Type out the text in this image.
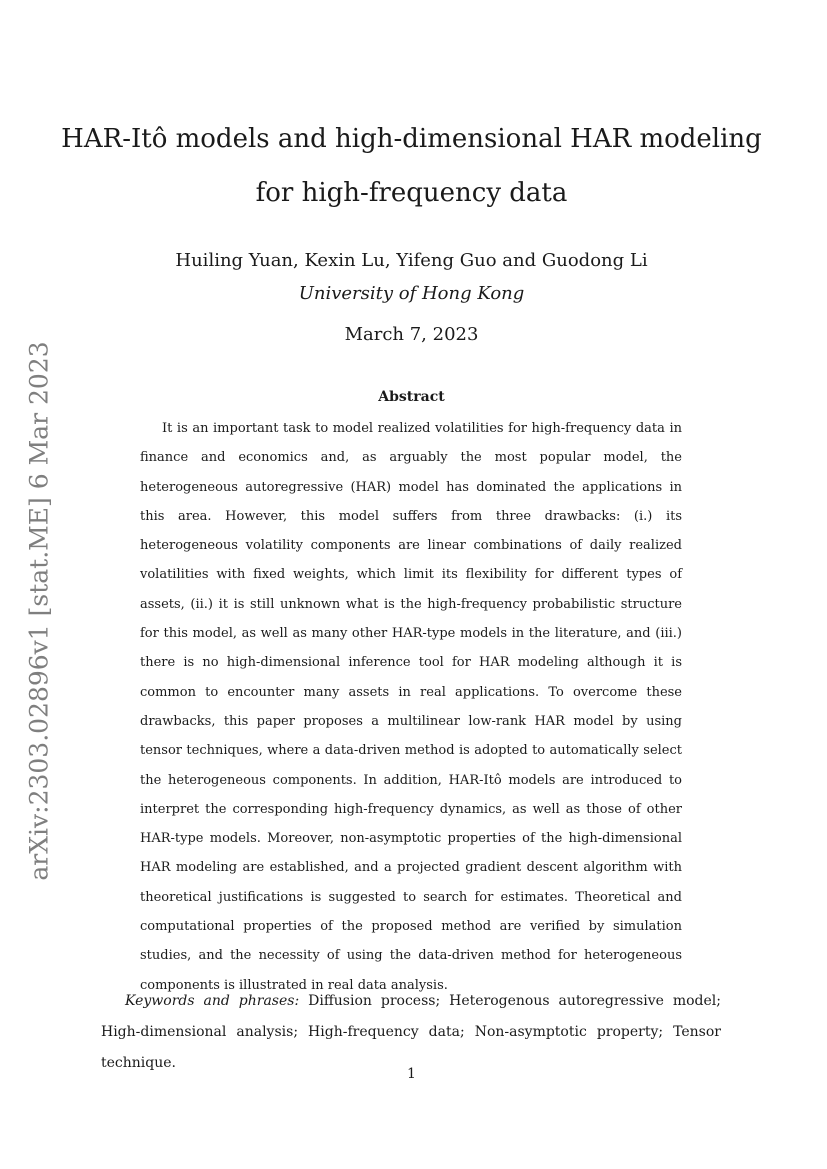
arXiv:2303.02896v1 [stat.ME] 6 Mar 2023
HAR-Itô models and high-dimensional HAR modeling
for high-frequency data

Huiling Yuan, Kexin Lu, Yifeng Guo and Guodong Li

University of Hong Kong

March 7, 2023

Abstract

It is an important task to model realized volatilities for high-frequency data in finance and economics and, as arguably the most popular model, the heterogeneous autoregressive (HAR) model has dominated the applications in this area. However, this model suffers from three drawbacks: (i.) its heterogeneous volatility components are linear combinations of daily realized volatilities with fixed weights, which limit its flexibility for different types of assets, (ii.) it is still unknown what is the high-frequency probabilistic structure for this model, as well as many other HAR-type models in the literature, and (iii.) there is no high-dimensional inference tool for HAR modeling although it is common to encounter many assets in real applications. To overcome these drawbacks, this paper proposes a multilinear low-rank HAR model by using tensor techniques, where a data-driven method is adopted to automatically select the heterogeneous components. In addition, HAR-Itô models are introduced to interpret the corresponding high-frequency dynamics, as well as those of other HAR-type models. Moreover, non-asymptotic properties of the high-dimensional HAR modeling are established, and a projected gradient descent algorithm with theoretical justifications is suggested to search for estimates. Theoretical and computational properties of the proposed method are verified by simulation studies, and the necessity of using the data-driven method for heterogeneous components is illustrated in real data analysis.

Keywords and phrases: Diffusion process; Heterogenous autoregressive model; High-dimensional analysis; High-frequency data; Non-asymptotic property; Tensor technique.

1
